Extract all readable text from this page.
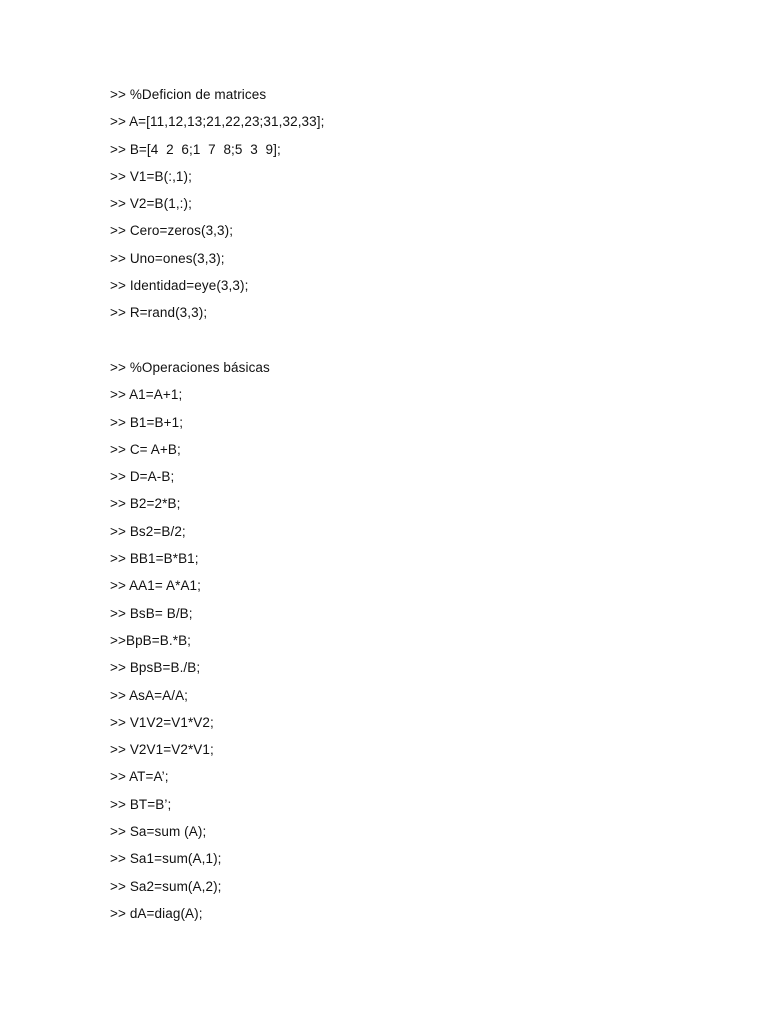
>> %Deficion de matrices
>> A=[11,12,13;21,22,23;31,32,33];
>> B=[4  2  6;1  7  8;5  3  9];
>> V1=B(:,1);
>> V2=B(1,:);
>> Cero=zeros(3,3);
>> Uno=ones(3,3);
>> Identidad=eye(3,3);
>> R=rand(3,3);
>> %Operaciones básicas
>> A1=A+1;
>> B1=B+1;
>> C= A+B;
>> D=A-B;
>> B2=2*B;
>> Bs2=B/2;
>> BB1=B*B1;
>> AA1= A*A1;
>> BsB= B/B;
>>BpB=B.*B;
>> BpsB=B./B;
>> AsA=A/A;
>> V1V2=V1*V2;
>> V2V1=V2*V1;
>> AT=A’;
>> BT=B’;
>> Sa=sum (A);
>> Sa1=sum(A,1);
>> Sa2=sum(A,2);
>> dA=diag(A);
